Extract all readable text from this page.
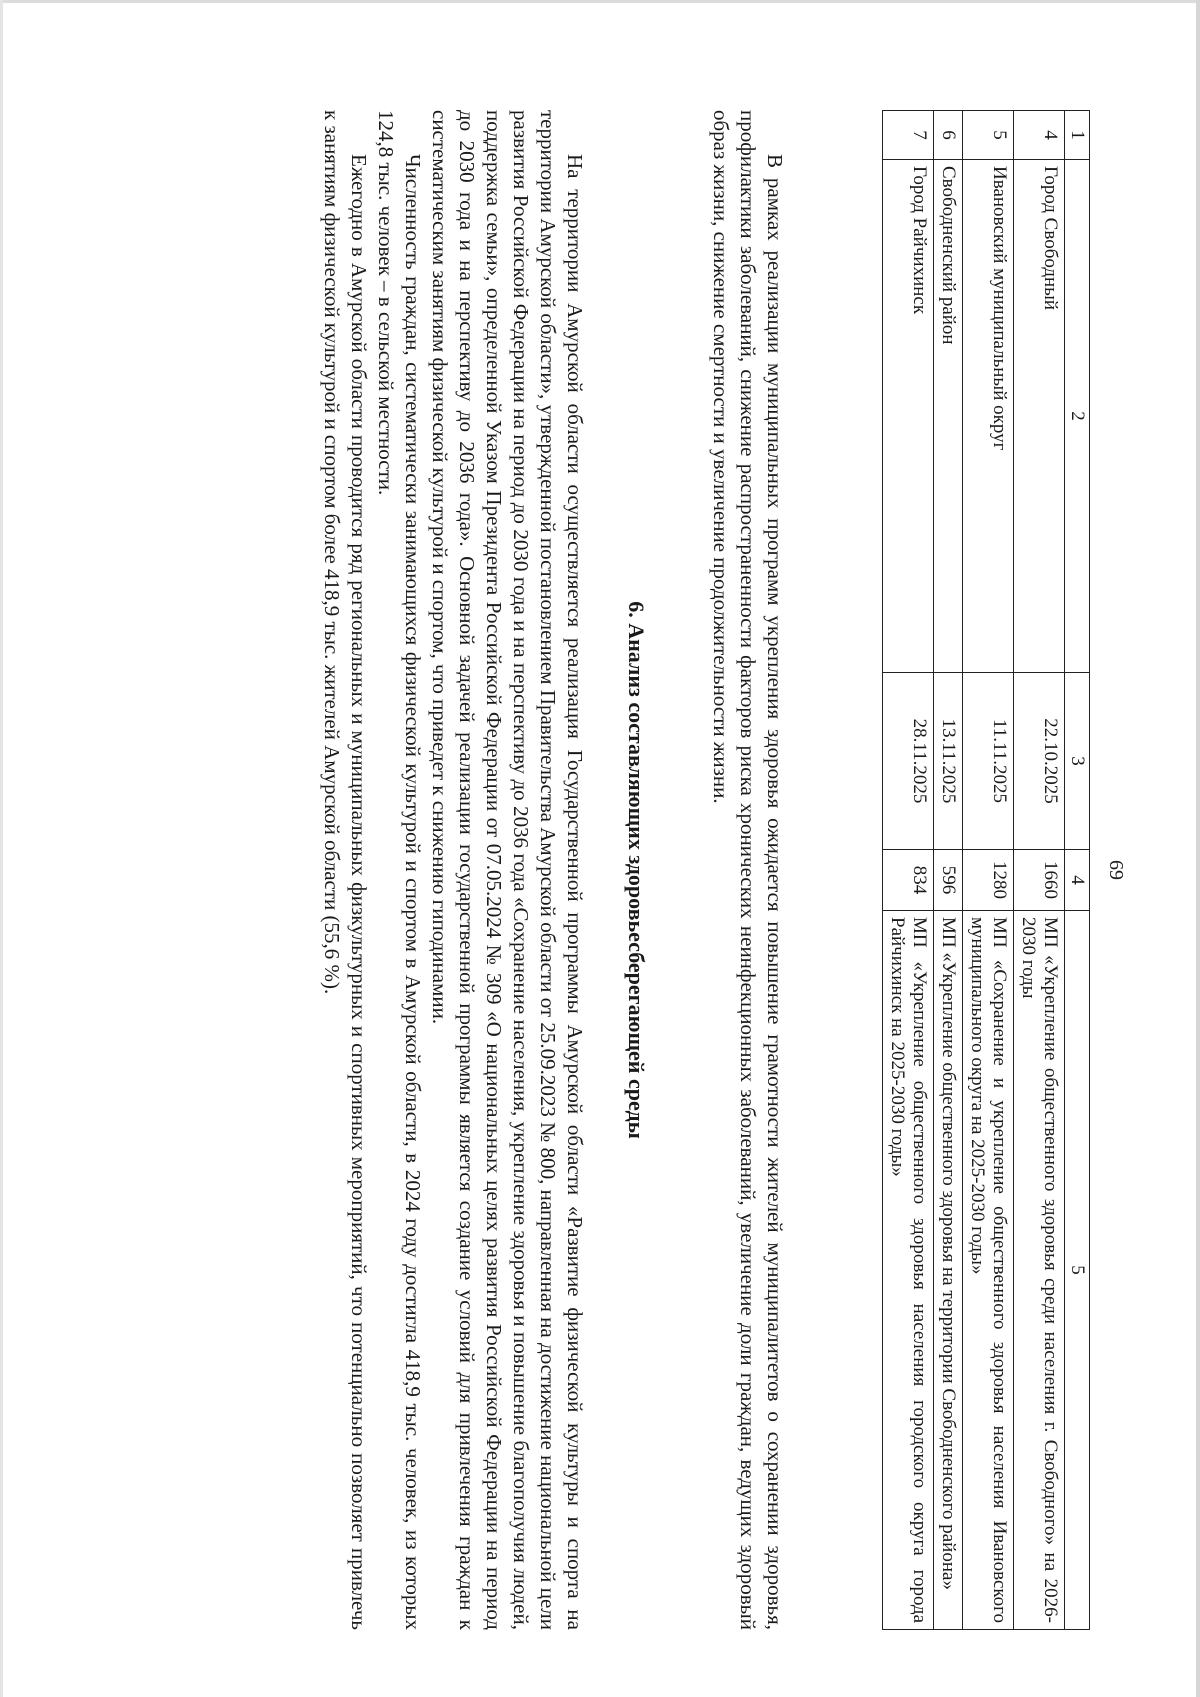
69
1	2	3	4	5
4	Город Свободный	22.10.2025	1660	МП «Укрепление общественного здоровья среди населения г. Свободного» на 2026-2030 годы
5	Ивановский муниципальный округ	11.11.2025	1280	МП «Сохранение и укрепление общественного здоровья населения Ивановского муниципального округа на 2025-2030 годы»
6	Свободненский район	13.11.2025	596	МП «Укрепление общественного здоровья на территории Свободненского района»
7	Город Райчихинск	28.11.2025	834	МП «Укрепление общественного здоровья населения городского округа города Райчихинск на 2025-2030 годы»

В рамках реализации муниципальных программ укрепления здоровья ожидается повышение грамотности жителей муниципалитетов о сохранении здоровья, профилактики заболеваний, снижение распространенности факторов риска хронических неинфекционных заболеваний, увеличение доли граждан, ведущих здоровый образ жизни, снижение смертности и увеличение продолжительности жизни.

6. Анализ составляющих здоровьесберегающей среды

На территории Амурской области осуществляется реализация Государственной программы Амурской области «Развитие физической культуры и спорта на территории Амурской области», утвержденной постановлением Правительства Амурской области от 25.09.2023 № 800, направленная на достижение национальной цели развития Российской Федерации на период до 2030 года и на перспективу до 2036 года «Сохранение населения, укрепление здоровья и повышение благополучия людей, поддержка семьи», определенной Указом Президента Российской Федерации от 07.05.2024 № 309 «О национальных целях развития Российской Федерации на период до 2030 года и на перспективу до 2036 года». Основной задачей реализации государственной программы является создание условий для привлечения граждан к систематическим занятиям физической культурой и спортом, что приведет к снижению гиподинамии.

Численность граждан, систематически занимающихся физической культурой и спортом в Амурской области, в 2024 году достигла 418,9 тыс. человек, из которых 124,8 тыс. человек – в сельской местности.

Ежегодно в Амурской области проводится ряд региональных и муниципальных физкультурных и спортивных мероприятий, что потенциально позволяет привлечь к занятиям физической культурой и спортом более 418,9 тыс. жителей Амурской области (55,6 %).
